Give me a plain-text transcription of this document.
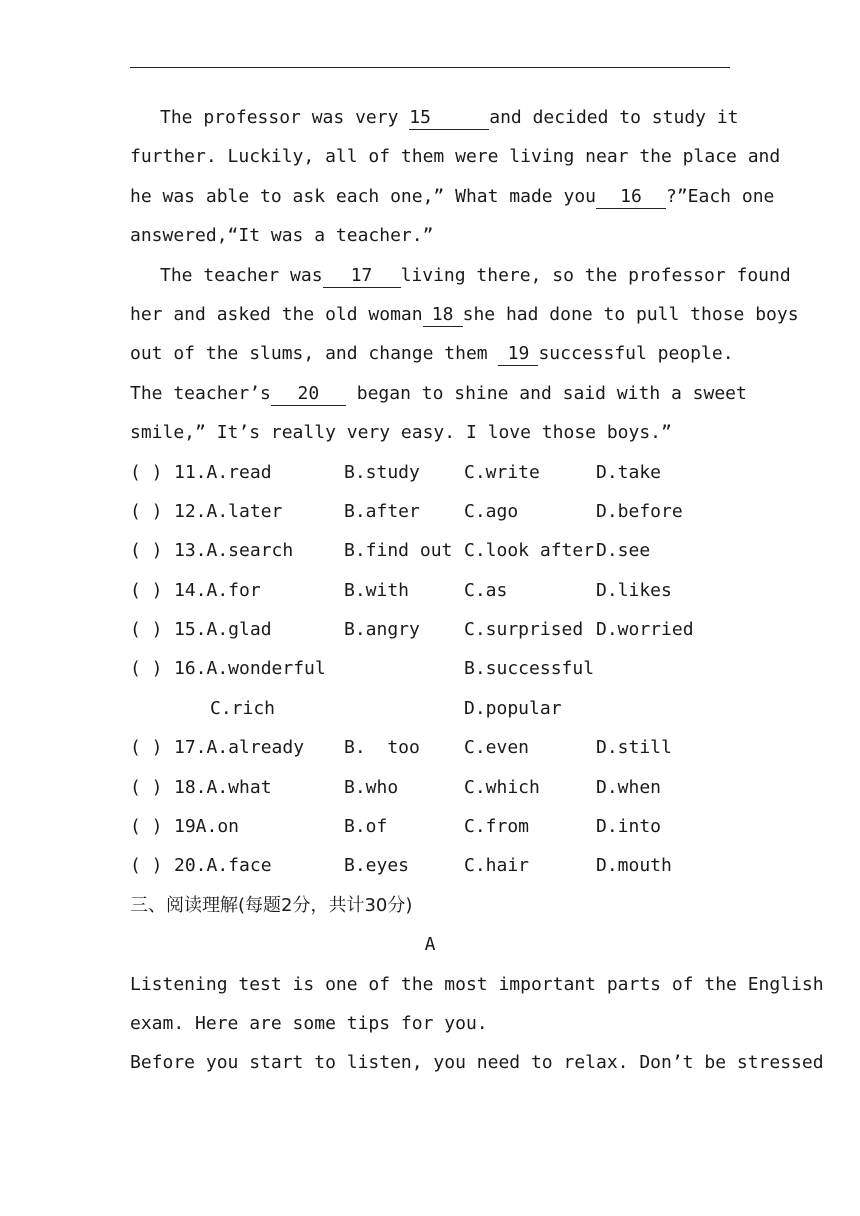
The professor was very 15	and decided to study it
further. Luckily, all of them were living near the place and
he was able to ask each one,” What made you 16 ?”Each one
answered,“It was a teacher.”
The teacher was 17 living there, so the professor found
her and asked the old woman 18 she had done to pull those boys
out of the slums, and change them 19 successful people.
The teacher’s 20 began to shine and said with a sweet
smile,” It’s really very easy. I love those boys.”
( ) 11.A.read	B.study	C.write	D.take
( ) 12.A.later	B.after	C.ago	D.before
( ) 13.A.search	B.find out C.look after D.see
( ) 14.A.for	B.with	C.as	D.likes
( ) 15.A.glad	B.angry	C.surprised D.worried
( ) 16.A.wonderful	B.successful
C.rich	D.popular
( ) 17.A.already	B.  too	C.even	D.still
( ) 18.A.what	B.who	C.which	D.when
( ) 19A.on	B.of	C.from	D.into
( ) 20.A.face	B.eyes	C.hair	D.mouth
三、阅读理解(每题2分，共计30分)
A
Listening test is one of the most important parts of the English
exam. Here are some tips for you.
Before you start to listen, you need to relax. Don’t be stressed
